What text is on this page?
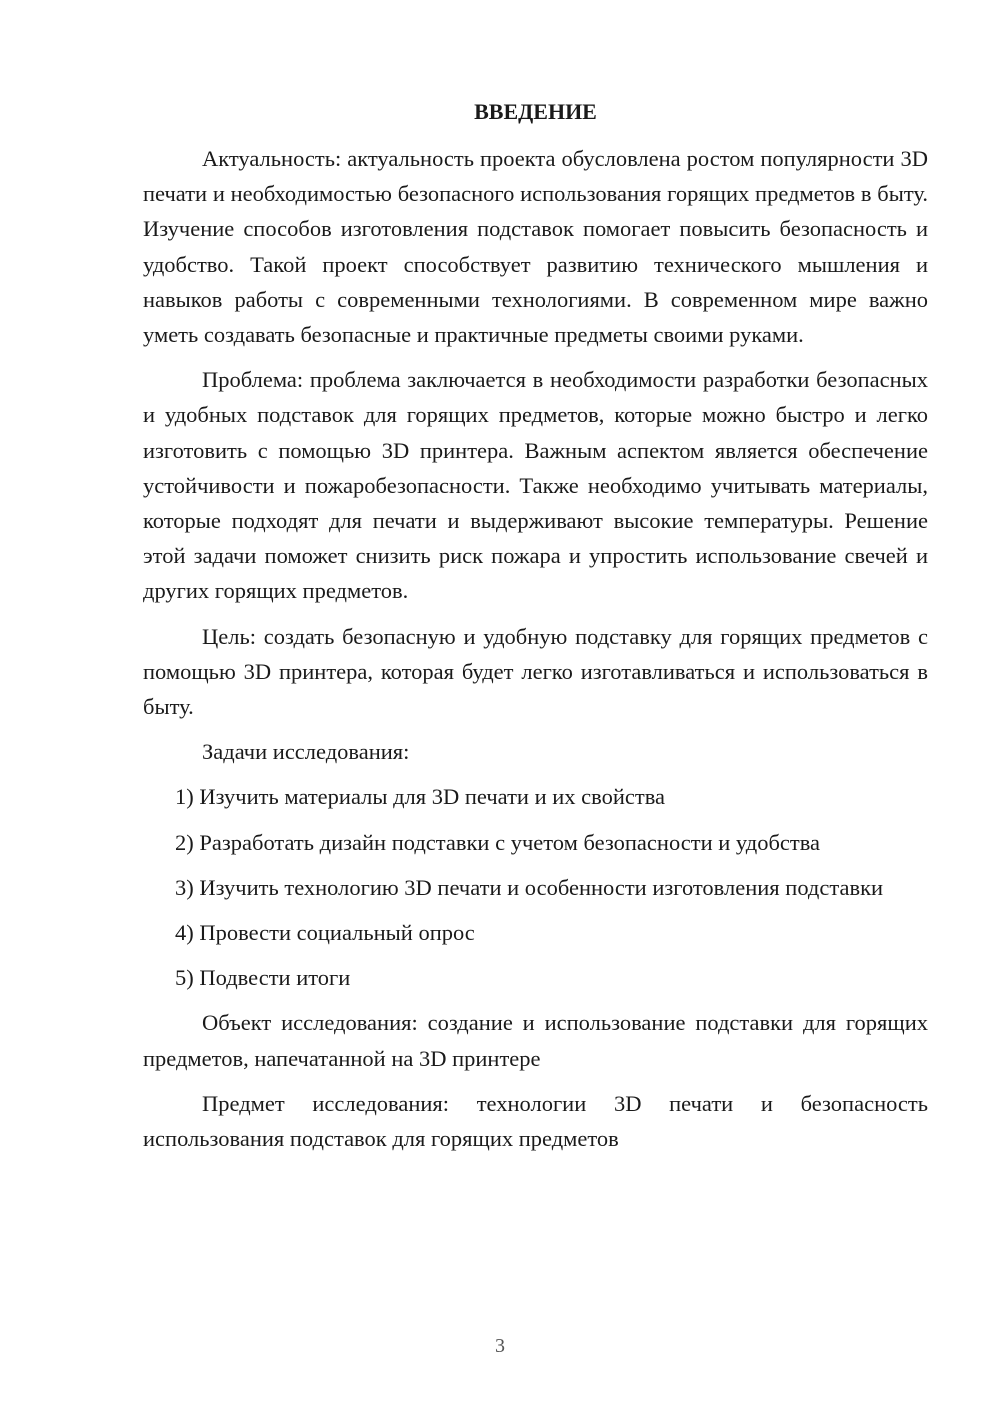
ВВЕДЕНИЕ

Актуальность: актуальность проекта обусловлена ростом популярности 3D печати и необходимостью безопасного использования горящих предметов в быту. Изучение способов изготовления подставок помогает повысить безопасность и удобство. Такой проект способствует развитию технического мышления и навыков работы с современными технологиями. В современном мире важно уметь создавать безопасные и практичные предметы своими руками.

Проблема: проблема заключается в необходимости разработки безопасных и удобных подставок для горящих предметов, которые можно быстро и легко изготовить с помощью 3D принтера. Важным аспектом является обеспечение устойчивости и пожаробезопасности. Также необходимо учитывать материалы, которые подходят для печати и выдерживают высокие температуры. Решение этой задачи поможет снизить риск пожара и упростить использование свечей и других горящих предметов.

Цель: создать безопасную и удобную подставку для горящих предметов с помощью 3D принтера, которая будет легко изготавливаться и использоваться в быту.

Задачи исследования:

1) Изучить материалы для 3D печати и их свойства

2) Разработать дизайн подставки с учетом безопасности и удобства

3) Изучить технологию 3D печати и особенности изготовления подставки

4) Провести социальный опрос

5) Подвести итоги

Объект исследования: создание и использование подставки для горящих предметов, напечатанной на 3D принтере

Предмет исследования: технологии 3D печати и безопасность использования подставок для горящих предметов

3
